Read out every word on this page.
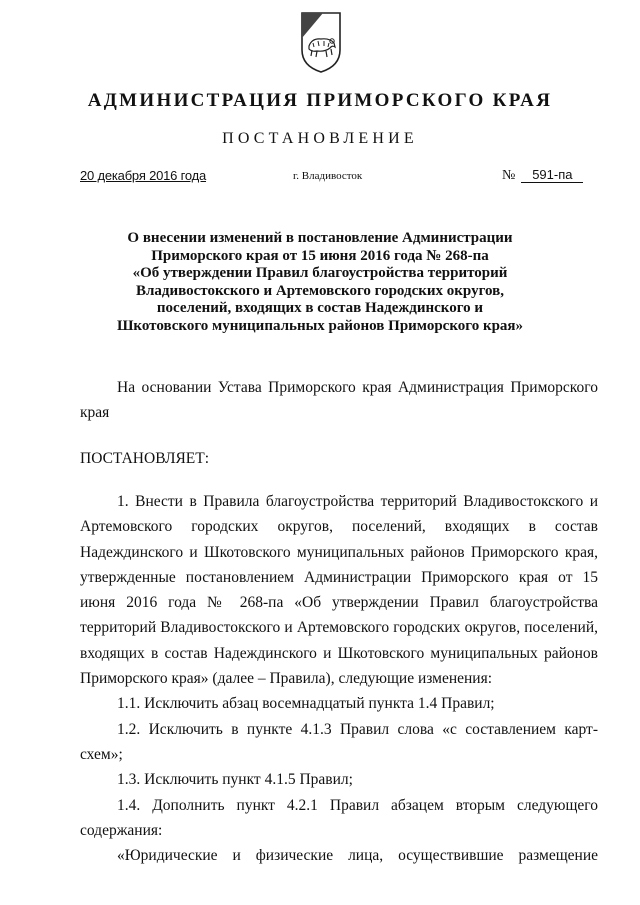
АДМИНИСТРАЦИЯ ПРИМОРСКОГО КРАЯ
ПОСТАНОВЛЕНИЕ
20 декабря 2016 года	г. Владивосток	№ 591-па
О внесении изменений в постановление Администрации
Приморского края от 15 июня 2016 года № 268-па
«Об утверждении Правил благоустройства территорий
Владивостокского и Артемовского городских округов,
поселений, входящих в состав Надеждинского и
Шкотовского муниципальных районов Приморского края»
На основании Устава Приморского края Администрация Приморского края
ПОСТАНОВЛЯЕТ:

1. Внести в Правила благоустройства территорий Владивостокского и Артемовского городских округов, поселений, входящих в состав Надеждинского и Шкотовского муниципальных районов Приморского края, утвержденные постановлением Администрации Приморского края от 15 июня 2016 года № 268-па «Об утверждении Правил благоустройства территорий Владивостокского и Артемовского городских округов, поселений, входящих в состав Надеждинского и Шкотовского муниципальных районов Приморского края» (далее – Правила), следующие изменения:

1.1. Исключить абзац восемнадцатый пункта 1.4 Правил;

1.2. Исключить в пункте 4.1.3 Правил слова «с составлением карт-схем»;

1.3. Исключить пункт 4.1.5 Правил;

1.4. Дополнить пункт 4.2.1 Правил абзацем вторым следующего содержания:

«Юридические и физические лица, осуществившие размещение
